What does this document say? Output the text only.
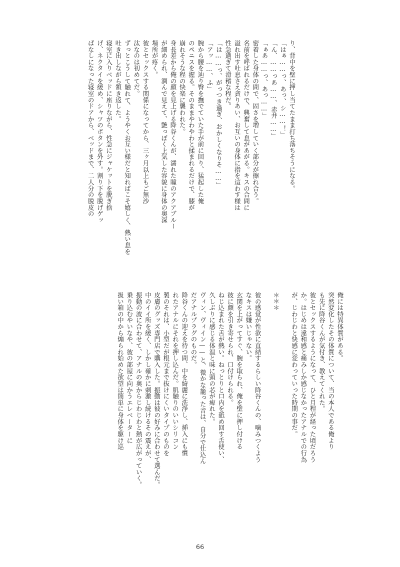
り、背中を壁に押し当てたまま打ち落ちそうになる。
「はぁ……っ、あっ、シ……！」
「ん、……っあ……、赤井……」
「ぁあ……っ、あっ……」
密着した身体の間で、固さを増していく部分が擦れ合う。
名前を呼ばれるだけで、興奮して息があがる。キスの合間に
溢れ出す吐息さえ貪りあい、お互いの身体に指を這わす様は
性急過ぎて滑稽な程だ。
「は……っ、がっつき過ぎ、おかしくなりそ……」
「アッ……、ふ」
腕から腰を辿り臀を撫でていた手が前に回り、猛起した俺
のペニスを握る。そのままやわやわと揉まれるだけで、膝が
崩れそうな程の快楽に襲われた。
身長差から俺の顔を見上げる降谷くんが、濡れた瞳のアクアブルー
が細められ、潤んで見えて、艶っぽく上気した容貌に身体の奥深
場所が疼く。
彼とセックスする関係になってから、三ヶ月以上もご無沙
汰なのは初めてだ。
ずっとこうして触れて、ようやくお互い様だと知ればこそ嬉しく、熱い息を
吐き出しながら頷き返した。
寝室に入りベッドに座りながら、性急にジャケットを脱ぎ捨
げ、ネクタイを緩め、シャツのボタンを外す。割り下を脱げゲッ
ぱなしになった寝室のドアから、ベッドまで、二人分の脱皮の
俺には特異体質がある。
突然変化したその体質について、当の本人である俺より
も先に降谷くんが気付き、教えてくれた。
彼とセックスするようになって、ひと月程が経った頃だろう
か。はじめは違和感と痛みしか感じなかったアナルでの行為
が、じわじわと快感に変わっていった時期の事だ。

＊＊＊

彼の感覚が性欲に直結するらしい降谷くんの、噛みつくよう
なキスは嫌いじゃない。
玄関を上がってすぐ、腕を取られ、俺を壁に押し付ける
彼に顔を引き寄せられ、口付けられる。
ねじ込まれた舌が熱い。ねっとりと口内を舐め回す舌使い、
久しぶりに感じる体温と味に頭の芯が痺れた。
ヴィン、ヴィイン——と、微かな籠った音は、自分で仕込ん
だアナルプラグのものだ。
降谷くんの迎えを待つ間、中を綺麗に洗浄し、挿入にも慣
れたアナルにそれを押し込んだ。肌触りのいいシリコン
製のそれは、小型だが根元まで抜けにくいタイプのものを
皮膚のグッズ専門店で購入した。振動は彼の好みに合わせて選んだ。
中のイイ所を緩く、しかし確かに刺激し続けるその震えが、
振動の波に合わせて、アナルの奥からじわじわと熱が広がっていく。
乗り込むやいなや、彼の部屋に向かうエレベーターに
扱い箱の中から煽られ始めた欲望は簡単に身体を駆け巡
66
